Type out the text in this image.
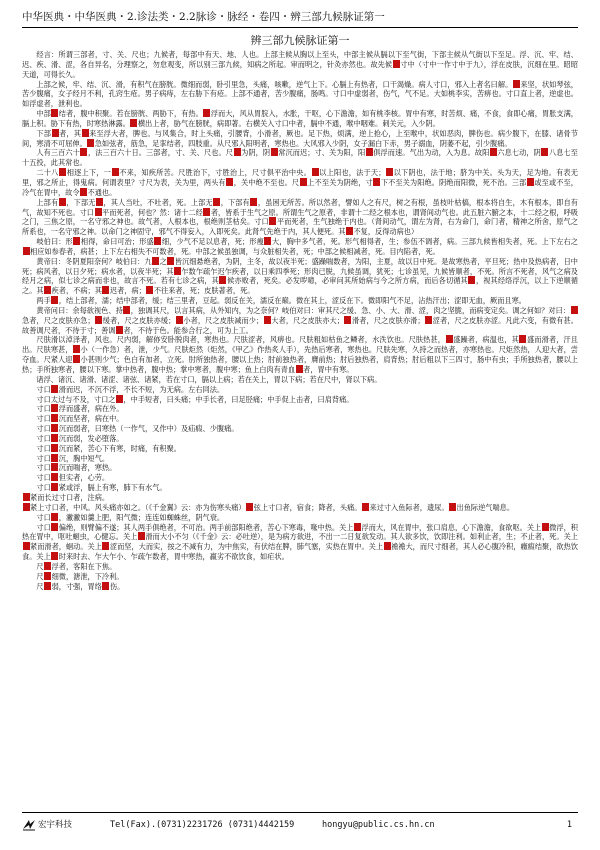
中华医典・中华医典・2.诊法类・2.2脉诊・脉经・卷四・辨三部九候脉证第一
辨三部九候脉证第一

经言：所谓三部者，寸、关、尺也；九候者，每部中有天、地、人也。上部主候从胸以上至头，中部主候从膈以下至气街，下部主候从气街以下至足。浮、沉、牢、结、迟、疾、滑、涩，各自异名，分理察之，勿怠观变，所以别三部九候，知病之所起。审而明之，针灸亦然也。故先候 寸中（寸中一作寸中于九），浮在皮肤，沉细在里。昭昭天道，可得长久。

上部之候，牢、结、沉、滑，有积气在膀胱。微细而弱，卧引里急，头痛，咳嗽，逆气上下。心膈上有热者，口干渴燥。病人寸口，邪入上者名曰解。 来坚，状如琴弦，苦少腹痛，女子经月不利，孔窍生疮。男子病痔，左右胁下有疮。上部不通者，苦少腹痛，肠鸣。寸口中虚弱者，伤气，气不足。大如桃李实，苦痹也。寸口直上者，逆虚也。如浮虚者，泄利也。

中部 结者，腹中积聚。若在膀胱、两胁下，有热。 浮而大，风从胃脘入，水胀，干呕，心下澹澹，如有桃李核。胃中有寒，时苦烦、痛，不食，食即心痛，胃胀支满，膈上积。胁下有热，时寒热淋露。 横出上者，胁气在膀胱，病即著。右横关入寸口中者，膈中不通，喉中咽难。刺关元，入少阴。

下部 者，其 来至浮大者，脾也。与风集合，时上头痛，引腰背，小滑者，厥也。足下热，烦满，逆上抢心，上至喉中，状如恶肉，脾伤也。病少腹下，在膝、诸骨节间，寒清不可屈伸。 急如弦者，筋急，足挛结者，四肢重。从尺邪入阳明者，寒热也。大风邪入少阴，女子漏白下赤，男子溺血，阴萎不起，引少腹痛。

人有三百六十 ，法三百六十日。三部者，寸、关、尺也。尺 为阴，阴 常沉而迟；寸、关为阳，阳 俱浮而速。气出为动，入为息。故阳 六息七动，阴 八息七至十五投，此其常也。

二十八 相逐上下，一 不来，知疾所苦。尺胜治下，寸胜治上，尺寸俱平治中央。 以上阳也，法于天； 以下阴也，法于地；脐为中关。头为天，足为地。有表无里，邪之所止，得鬼病。何谓表里？寸尺为表，关为里，两头有 ，关中绝不至也。尺 上不至关为阴绝，寸 下不至关为阳绝。阴绝而阳微，死不治。三部 或至或不至，冷气在胃中，故令 不通也。

上部有 ，下部无 ，其人当吐，不吐者，死。上部无 ，下部有 ，虽困无所苦。所以然者，譬如人之有尺，树之有根，虽枝叶枯槁，根本将自生，木有根本，即自有气，故知不死也。寸口 平而死者，何也？然：诸十二经 者，皆系于生气之原。所谓生气之原者，非谓十二经之根本也，谓肾间动气也。此五脏六腑之本，十二经之根，呼吸之门，三焦之原，一名守邪之神也。故气者，人根本也，根绝则茎枯矣。寸口 平而死者，生气独绝于内也。（肾间动气，谓左为肾，右为命门，命门者，精神之所舍，原气之所系也，一名守邪之神。以命门之神固守，邪气不得妄入，入即死矣。此肾气先绝于内，其人便死。其 不复，反得动病也）

岐伯曰：形 相得，命曰可治；形盛 细，少气不足以息者，死；形瘦 大，胸中多气者，死。形气相得者，生；参伍不调者，病。三部九候皆相失者，死。上下左右之相应如参春者，病甚；上下左右相失不可数者，死。中部之候虽独调，与众脏相失者，死；中部之候相减者，死。目内陷者，死。

黄帝曰：冬阴夏阳奈何？岐伯曰：九 之 皆沉细悬绝者，为阴，主冬，故以夜半死；盛躁喘数者，为阳，主夏，故以日中死。是故寒热者，平旦死；热中及热病者，日中死；病风者，以日夕死；病水者，以夜半死；其 乍数乍疏乍迟乍疾者，以日乘四季死；形肉已脱，九候虽调，犹死；七诊虽见，九候皆顺者，不死。所言不死者，风气之病及经月之病，似七诊之病而非也，故言不死。若有七诊之病，其 候亦败者，死矣。必发哕噫，必审问其所始病与今之所方病，而后各切循其 ，视其经络浮沉，以上下逆顺循之。其 疾者，不病；其 迟者，病； 不往来者，死；皮肤著者，死。

两手 ，结上部者，濡；结中部者，缓；结三里者，豆起。弱反在关，濡反在巅。微在其上，涩反在下。微即阳气不足，沾热汗出；涩即无血，厥而且寒。

黄帝问曰：余每欲视色、持 ，独调其尺，以言其病，从外知内，为之奈何？岐伯对曰：审其尺之缓、急、小、大、滑、涩，肉之坚脆，而病变定矣。调之何如？对曰：急者，尺之皮肤亦急； 缓者，尺之皮肤亦缓； 小者，尺之皮肤减而少； 大者，尺之皮肤亦大； 滑者，尺之皮肤亦滑； 涩者，尺之皮肤亦涩。凡此六变，有微有甚。故善调尺者，不待于寸；善调 者，不待于色。能参合行之，可为上工。

尺肤滑以淖泽者，风也。尺内弱，解㑊安卧脱肉者，寒热也。尺肤涩者，风痹也。尺肤粗如枯鱼之鳞者，水泆饮也。尺肤热甚， 盛躁者，病温也，其 盛而滑者，汗且出。尺肤寒甚， 小（一作急）者，泄，少气。尺肤炬然（炬然，《甲乙》作热炙人手），先热后寒者，寒热也。尺肤先寒，久持之而热者，亦寒热也。尺炬然热，人迎大者，尝夺血。尺紧人迎 小甚则少气；色白有加者，立死。肘所独热者，腰以上热；肘前独热者，膺前热；肘后独热者，肩背热；肘后粗以下三四寸，肠中有虫；手所独热者，腰以上热；手所独寒者，腰以下寒。掌中热者，腹中热；掌中寒者，腹中寒；鱼上白肉有青血 者，胃中有寒。

诸浮、诸沉、诸滑、诸涩、诸弦、诸紧，若在寸口，膈以上病；若在关上，胃以下病；若在尺中，肾以下病。

寸口 滑而迟，不沉不浮，不长不短，为无病。左右同法。

寸口太过与不及，寸口之 ，中手短者，曰头痛；中手长者，曰足胫痛；中手促上击者，曰肩背痛。

寸口 浮而盛者，病在外。

寸口 沉而坚者，病在中。

寸口 沉而弱者，曰寒热（一作气，又作中）及疝瘕、少腹痛。

寸口 沉而弱，发必堕落。

寸口 沉而紧，苦心下有寒，时痛，有积聚。

寸口 沉，胸中短气。

寸口 沉而喘者，寒热。

寸口 但实者，心劳。

寸口 紧或浮，膈上有寒，肺下有水气。

紧而长过寸口者，注病。

紧上寸口者，中风。风头痛亦如之。（《千金翼》云：亦为伤寒头痛） 弦上寸口者，宿食；降者，头痛。 来过寸入鱼际者，遗尿。 出鱼际逆气喘息。

寸口 ，潎潎如羹上肥，阳气微；连连如蜘蛛丝，阴气衰。

寸口 偏绝，则臂偏不遂；其人两手俱绝者，不可治。两手前部阳绝者，苦心下寒毒，喙中热。关上 浮而大，风在胃中，张口肩息，心下澹澹，食欲呕。关上 微浮，积热在胃中，呕吐蛔虫，心健忘。关上 滑而大小不匀（《千金》云：必吐逆），是为病方欲进，不出一二日复欲发动。其人欲多饮，饮即注利。如利止者，生；不止者，死。关上紧而滑者，蛔动。关上 涩而坚，大而实，按之不减有力，为中焦实，有伏结在脾，肺气塞，实热在胃中。关上 襜襜大，而尺寸细者，其人必心腹冷积，癥瘕结聚，欲热饮食。关上 时来时去、乍大乍小、乍疏乍数者，胃中寒热，羸劣不欲饮食，如疟状。

尺 浮者，客阳在下焦。

尺 细微，溏泄，下冷利。

尺 弱，寸强，胃络 伤。

宏宇科技	Tel(Fax).(0731)2231726 (0731)4442159	hongyu@public.cs.hn.cn	1
